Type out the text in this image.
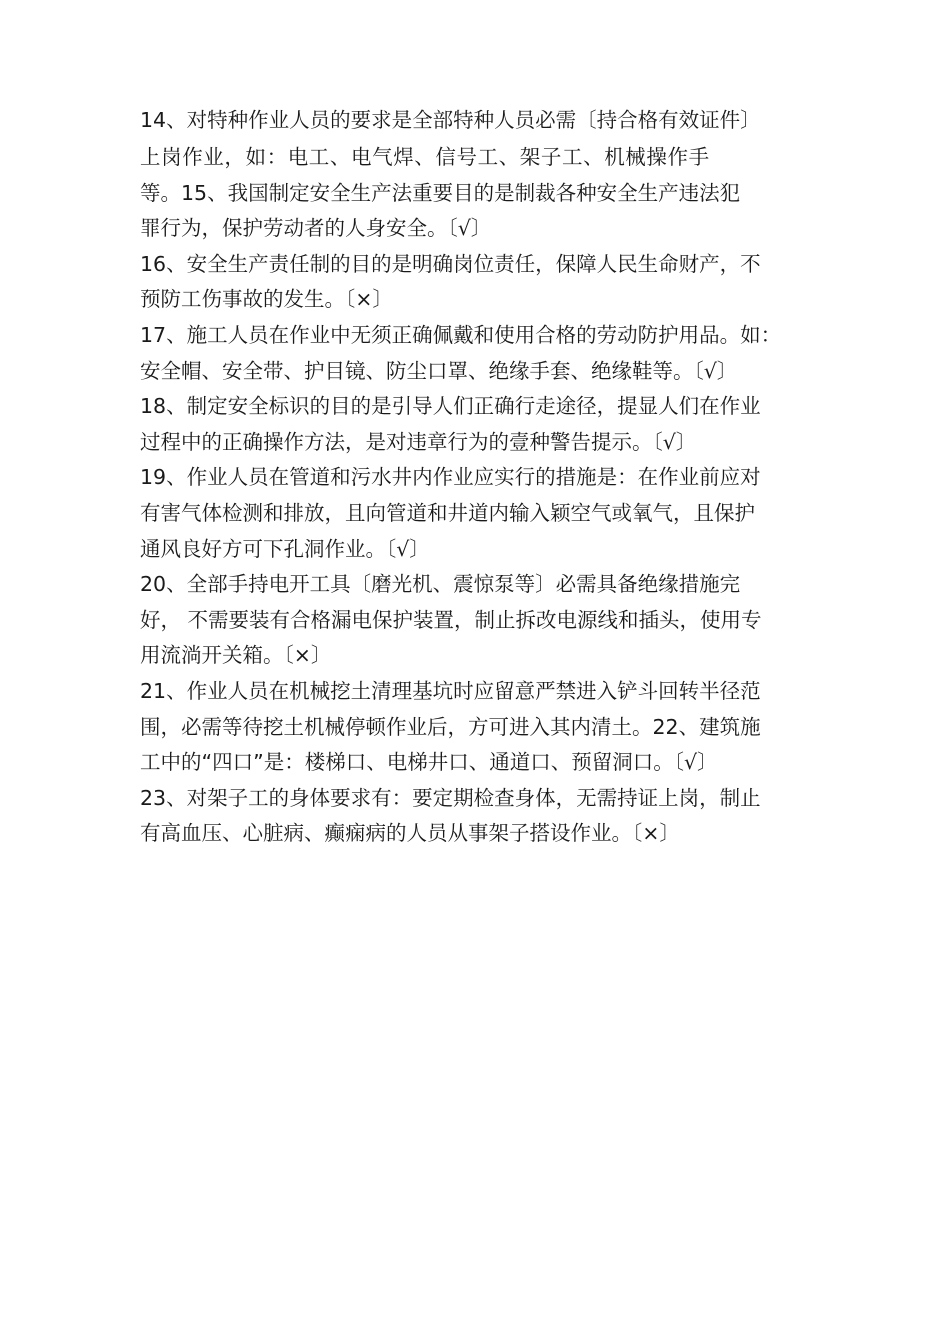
14、对特种作业人员的要求是全部特种人员必需〔持合格有效证件〕
上岗作业，如：电工、电气焊、信号工、架子工、机械操作手
等。15、我国制定安全生产法重要目的是制裁各种安全生产违法犯
罪行为，保护劳动者的人身安全。〔√〕
16、安全生产责任制的目的是明确岗位责任，保障人民生命财产，不
预防工伤事故的发生。〔×〕
17、施工人员在作业中无须正确佩戴和使用合格的劳动防护用品。如：
安全帽、安全带、护目镜、防尘口罩、绝缘手套、绝缘鞋等。〔√〕
18、制定安全标识的目的是引导人们正确行走途径，提显人们在作业
过程中的正确操作方法，是对违章行为的壹种警告提示。〔√〕
19、作业人员在管道和污水井内作业应实行的措施是：在作业前应对
有害气体检测和排放，且向管道和井道内输入颖空气或氧气，且保护
通风良好方可下孔洞作业。〔√〕
20、全部手持电开工具〔磨光机、震惊泵等〕必需具备绝缘措施完
好， 不需要装有合格漏电保护装置，制止拆改电源线和插头，使用专
用流淌开关箱。〔×〕
21、作业人员在机械挖土清理基坑时应留意严禁进入铲斗回转半径范
围，必需等待挖土机械停顿作业后，方可进入其内清土。22、建筑施
工中的“四口”是：楼梯口、电梯井口、通道口、预留洞口。〔√〕
23、对架子工的身体要求有：要定期检查身体，无需持证上岗，制止
有高血压、心脏病、癫痫病的人员从事架子搭设作业。〔×〕
